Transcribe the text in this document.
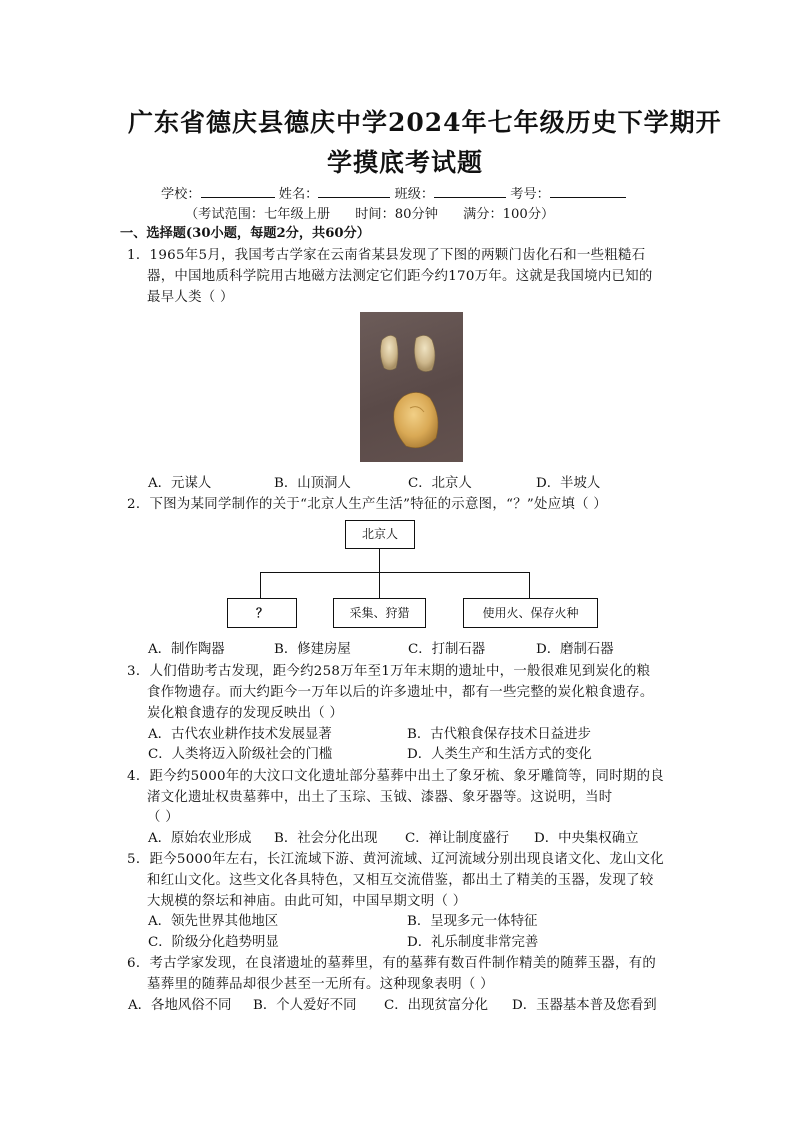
广东省德庆县德庆中学2024年七年级历史下学期开
学摸底考试题
学校：	姓名：	班级：	考号：
（考试范围：七年级上册      时间：80分钟      满分：100分）
一、选择题(30小题，每题2分，共60分）
1．1965年5月，我国考古学家在云南省某县发现了下图的两颗门齿化石和一些粗糙石
器，中国地质科学院用古地磁方法测定它们距今约170万年。这就是我国境内已知的
最早人类（ ）
A．元谋人	B．山顶洞人	C．北京人	D．半坡人
2．下图为某同学制作的关于“北京人生产生活”特征的示意图，“？”处应填（ ）
北京人
？	采集、狩猎	使用火、保存火种
A．制作陶器	B．修建房屋	C．打制石器	D．磨制石器
3．人们借助考古发现，距今约258万年至1万年末期的遗址中，一般很难见到炭化的粮
食作物遗存。而大约距今一万年以后的许多遗址中，都有一些完整的炭化粮食遗存。
炭化粮食遗存的发现反映出（ ）
A．古代农业耕作技术发展显著	B．古代粮食保存技术日益进步
C．人类将迈入阶级社会的门槛	D．人类生产和生活方式的变化
4．距今约5000年的大汶口文化遗址部分墓葬中出土了象牙梳、象牙雕筒等，同时期的良
渚文化遗址权贵墓葬中，出土了玉琮、玉钺、漆器、象牙器等。这说明，当时
（ ）
A．原始农业形成 B．社会分化出现 C．禅让制度盛行 D．中央集权确立
5．距今5000年左右，长江流域下游、黄河流域、辽河流域分别出现良诸文化、龙山文化
和红山文化。这些文化各具特色，又相互交流借鉴，都出土了精美的玉器，发现了较
大规模的祭坛和神庙。由此可知，中国早期文明（ ）
A．领先世界其他地区	B．呈现多元一体特征
C．阶级分化趋势明显	D．礼乐制度非常完善
6．考古学家发现，在良渚遗址的墓葬里，有的墓葬有数百件制作精美的随葬玉器，有的
墓葬里的随葬品却很少甚至一无所有。这种现象表明（ ）
A．各地风俗不同 B．个人爱好不同 C．出现贫富分化 D．玉器基本普及您看到
